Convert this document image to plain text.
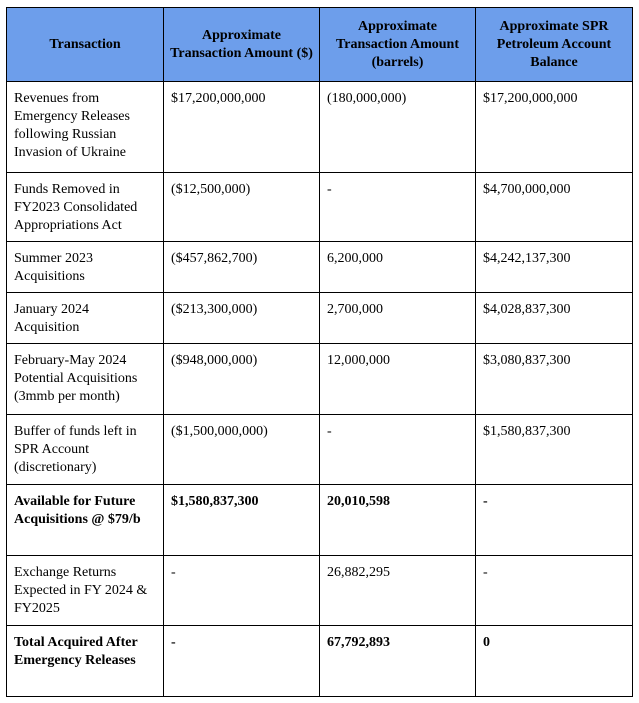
Transaction	Approximate Transaction Amount ($)	Approximate Transaction Amount (barrels)	Approximate SPR Petroleum Account Balance
Revenues from Emergency Releases following Russian Invasion of Ukraine	$17,200,000,000	(180,000,000)	$17,200,000,000
Funds Removed in FY2023 Consolidated Appropriations Act	($12,500,000)	-	$4,700,000,000
Summer 2023 Acquisitions	($457,862,700)	6,200,000	$4,242,137,300
January 2024 Acquisition	($213,300,000)	2,700,000	$4,028,837,300
February-May 2024 Potential Acquisitions (3mmb per month)	($948,000,000)	12,000,000	$3,080,837,300
Buffer of funds left in SPR Account (discretionary)	($1,500,000,000)	-	$1,580,837,300
Available for Future Acquisitions @ $79/b	$1,580,837,300	20,010,598	-
Exchange Returns Expected in FY 2024 & FY2025	-	26,882,295	-
Total Acquired After Emergency Releases	-	67,792,893	0
